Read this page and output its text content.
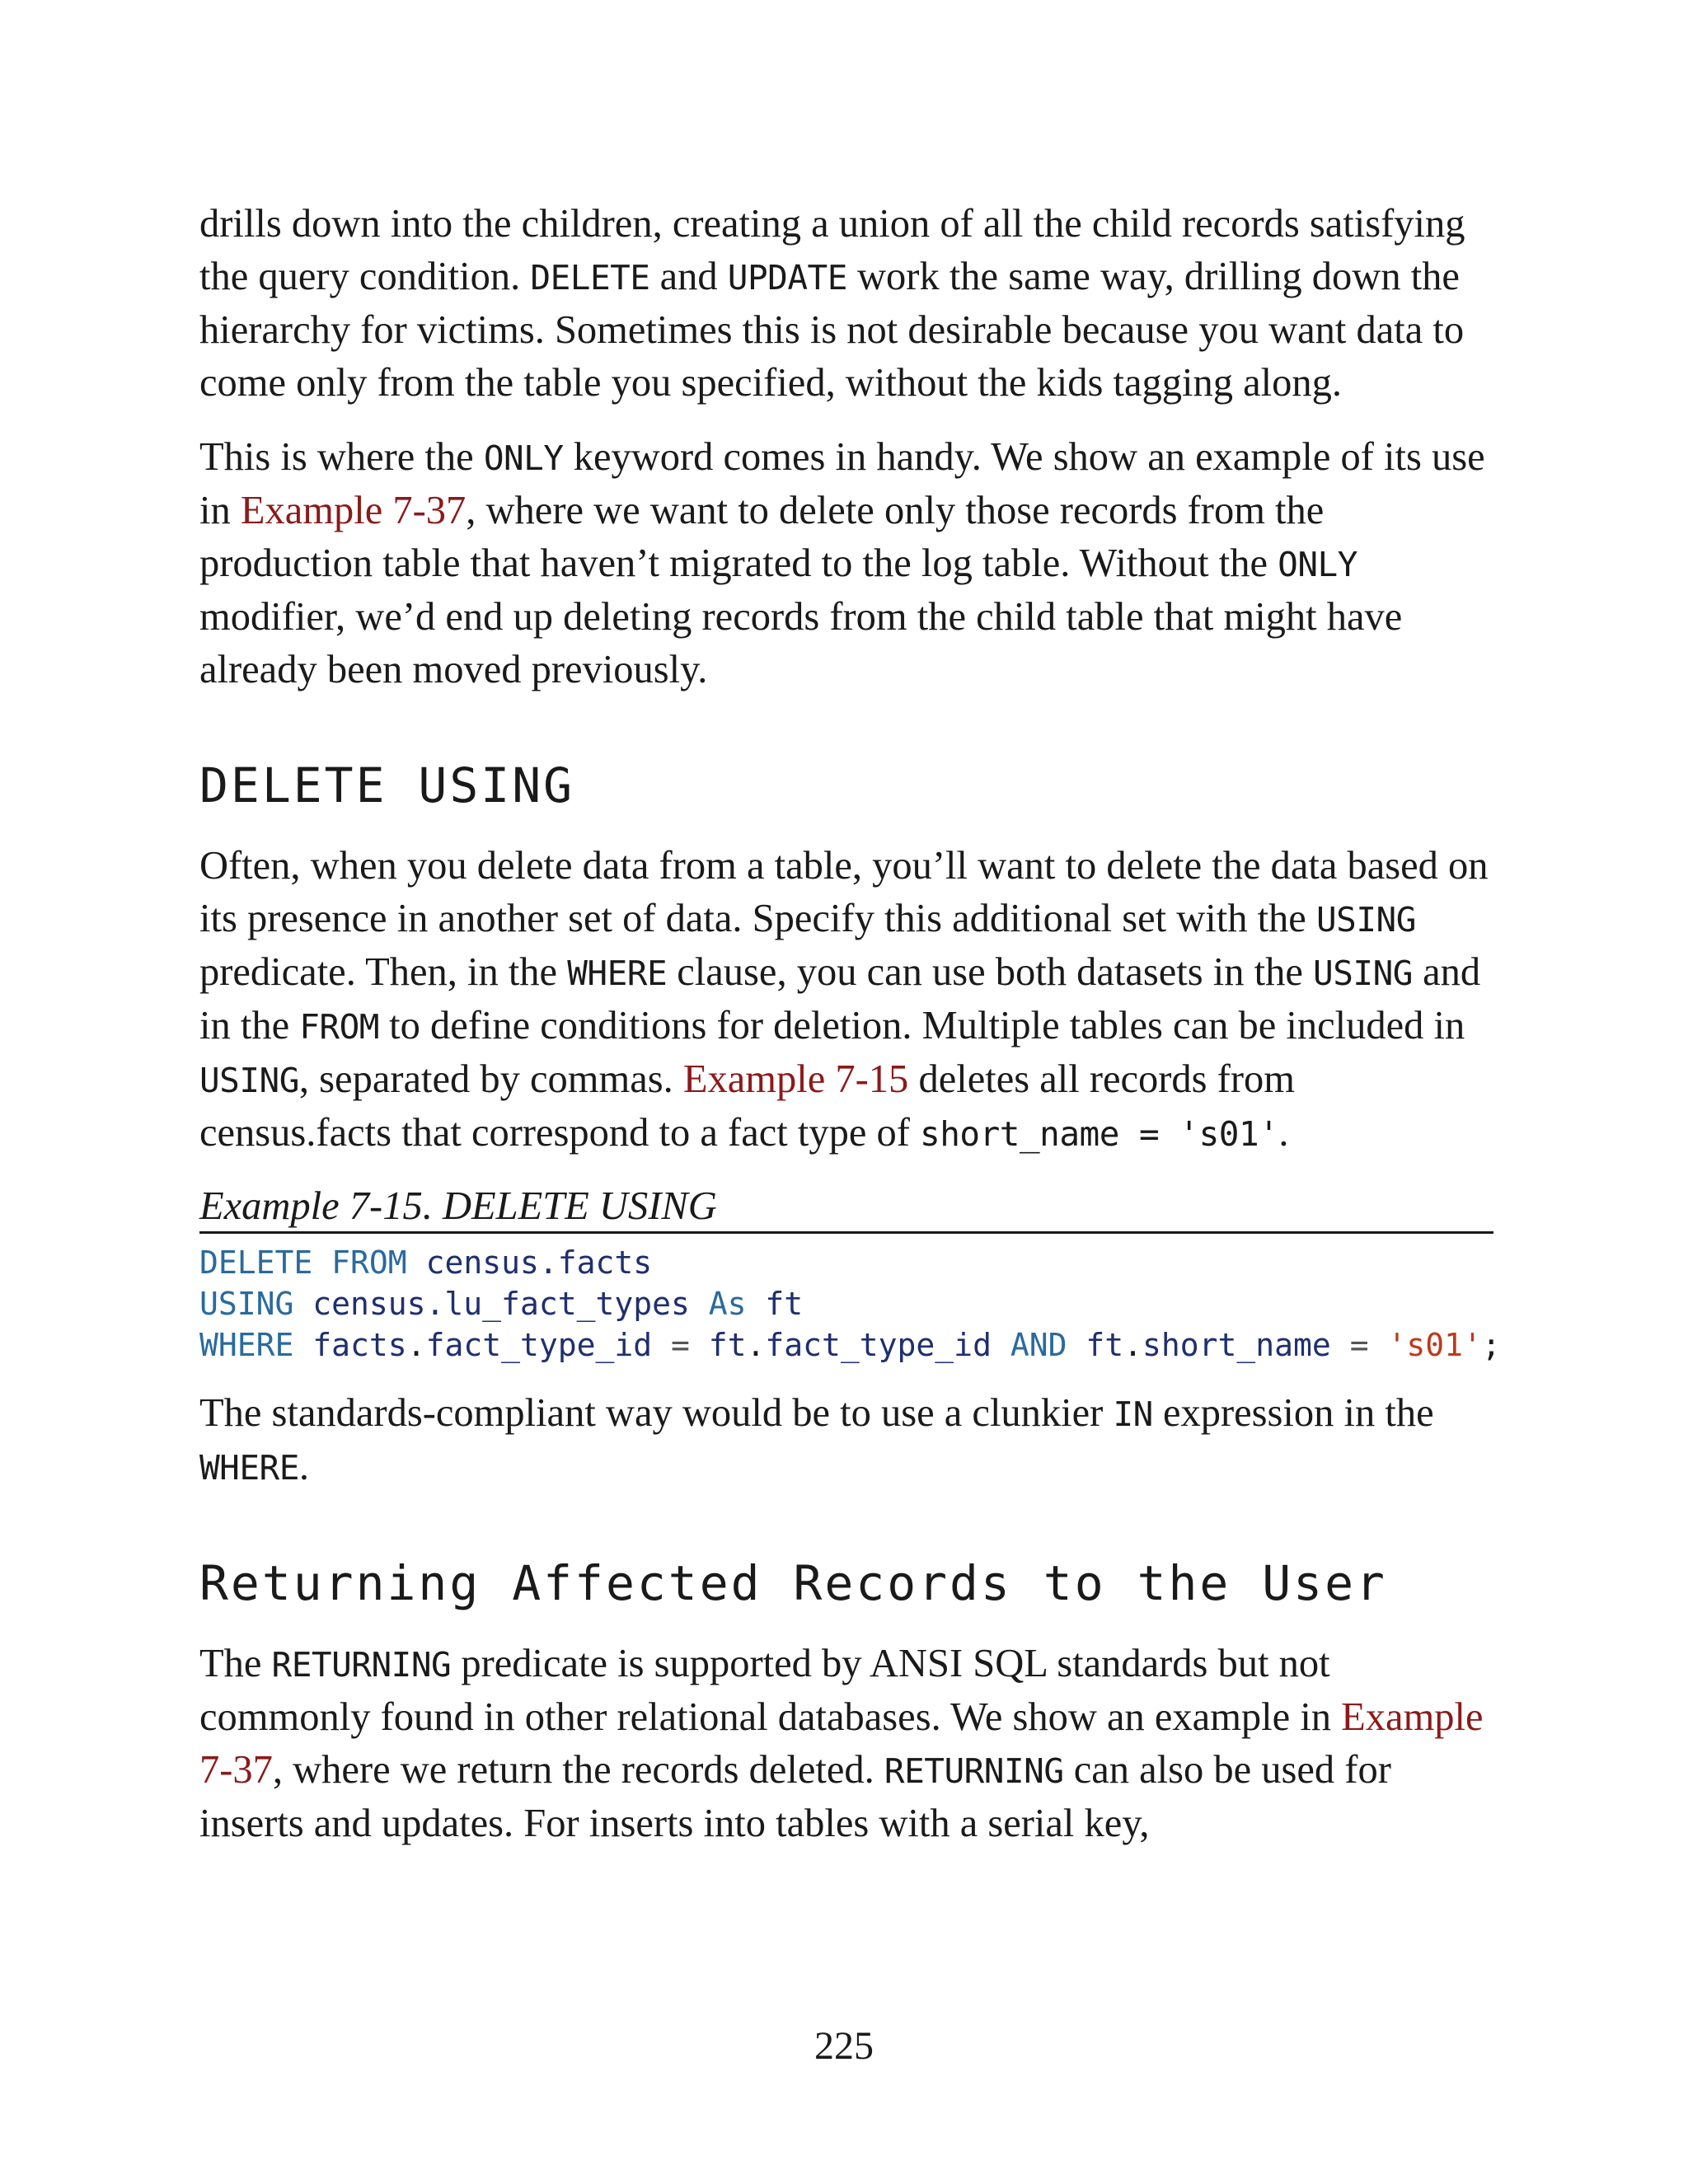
drills down into the children, creating a union of all the child records satisfying the query condition. DELETE and UPDATE work the same way, drilling down the hierarchy for victims. Sometimes this is not desirable because you want data to come only from the table you specified, without the kids tagging along.

This is where the ONLY keyword comes in handy. We show an example of its use in Example 7-37, where we want to delete only those records from the production table that haven’t migrated to the log table. Without the ONLY modifier, we’d end up deleting records from the child table that might have already been moved previously.

DELETE USING

Often, when you delete data from a table, you’ll want to delete the data based on its presence in another set of data. Specify this additional set with the USING predicate. Then, in the WHERE clause, you can use both datasets in the USING and in the FROM to define conditions for deletion. Multiple tables can be included in USING, separated by commas. Example 7-15 deletes all records from census.facts that correspond to a fact type of short_name = 's01'.

Example 7-15. DELETE USING
DELETE FROM census.facts
USING census.lu_fact_types As ft
WHERE facts.fact_type_id = ft.fact_type_id AND ft.short_name = 's01';

The standards-compliant way would be to use a clunkier IN expression in the WHERE.

Returning Affected Records to the User

The RETURNING predicate is supported by ANSI SQL standards but not commonly found in other relational databases. We show an example in Example 7-37, where we return the records deleted. RETURNING can also be used for inserts and updates. For inserts into tables with a serial key,

225
